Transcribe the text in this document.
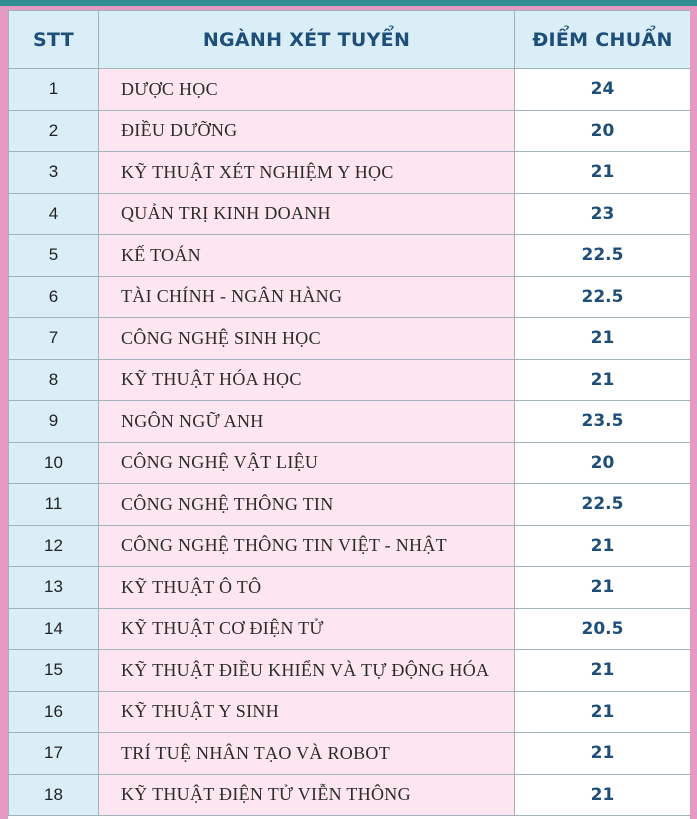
STT	NGÀNH XÉT TUYỂN	ĐIỂM CHUẨN
1	DƯỢC HỌC	24
2	ĐIỀU DƯỠNG	20
3	KỸ THUẬT XÉT NGHIỆM Y HỌC	21
4	QUẢN TRỊ KINH DOANH	23
5	KẾ TOÁN	22.5
6	TÀI CHÍNH - NGÂN HÀNG	22.5
7	CÔNG NGHỆ SINH HỌC	21
8	KỸ THUẬT HÓA HỌC	21
9	NGÔN NGỮ ANH	23.5
10	CÔNG NGHỆ VẬT LIỆU	20
11	CÔNG NGHỆ THÔNG TIN	22.5
12	CÔNG NGHỆ THÔNG TIN VIỆT - NHẬT	21
13	KỸ THUẬT Ô TÔ	21
14	KỸ THUẬT CƠ ĐIỆN TỬ	20.5
15	KỸ THUẬT ĐIỀU KHIỂN VÀ TỰ ĐỘNG HÓA	21
16	KỸ THUẬT Y SINH	21
17	TRÍ TUỆ NHÂN TẠO VÀ ROBOT	21
18	KỸ THUẬT ĐIỆN TỬ VIỄN THÔNG	21
